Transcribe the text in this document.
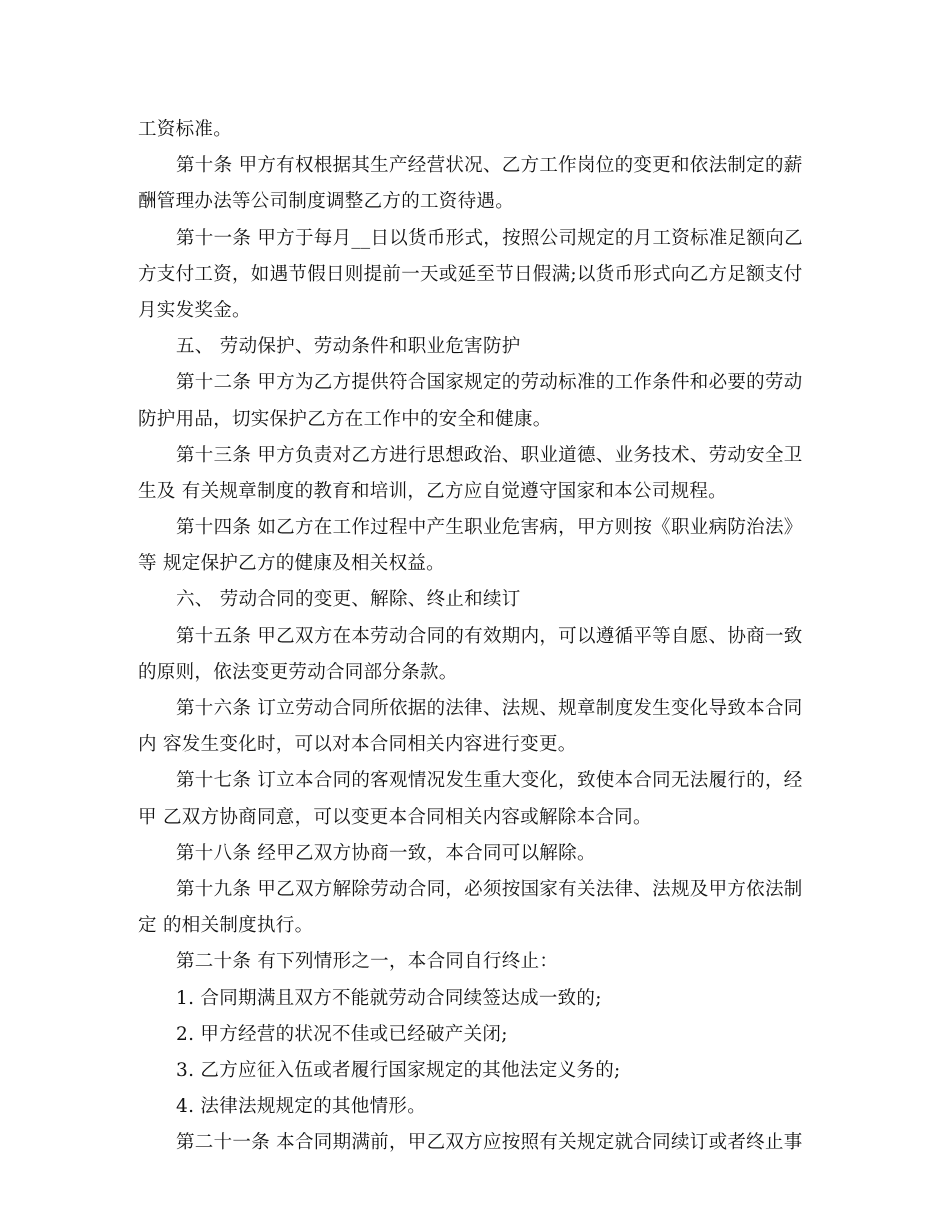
工资标准。
第十条 甲方有权根据其生产经营状况、乙方工作岗位的变更和依法制定的薪
酬管理办法等公司制度调整乙方的工资待遇。
第十一条 甲方于每月__日以货币形式，按照公司规定的月工资标准足额向乙
方支付工资，如遇节假日则提前一天或延至节日假满;以货币形式向乙方足额支付
月实发奖金。
五、 劳动保护、劳动条件和职业危害防护
第十二条 甲方为乙方提供符合国家规定的劳动标准的工作条件和必要的劳动
防护用品，切实保护乙方在工作中的安全和健康。
第十三条 甲方负责对乙方进行思想政治、职业道德、业务技术、劳动安全卫
生及 有关规章制度的教育和培训，乙方应自觉遵守国家和本公司规程。
第十四条 如乙方在工作过程中产生职业危害病，甲方则按《职业病防治法》
等 规定保护乙方的健康及相关权益。
六、 劳动合同的变更、解除、终止和续订
第十五条 甲乙双方在本劳动合同的有效期内，可以遵循平等自愿、协商一致
的原则，依法变更劳动合同部分条款。
第十六条 订立劳动合同所依据的法律、法规、规章制度发生变化导致本合同
内 容发生变化时，可以对本合同相关内容进行变更。
第十七条 订立本合同的客观情况发生重大变化，致使本合同无法履行的，经
甲 乙双方协商同意，可以变更本合同相关内容或解除本合同。
第十八条 经甲乙双方协商一致，本合同可以解除。
第十九条 甲乙双方解除劳动合同，必须按国家有关法律、法规及甲方依法制
定 的相关制度执行。
第二十条 有下列情形之一，本合同自行终止：
1. 合同期满且双方不能就劳动合同续签达成一致的;
2. 甲方经营的状况不佳或已经破产关闭;
3. 乙方应征入伍或者履行国家规定的其他法定义务的;
4. 法律法规规定的其他情形。
第二十一条 本合同期满前，甲乙双方应按照有关规定就合同续订或者终止事
